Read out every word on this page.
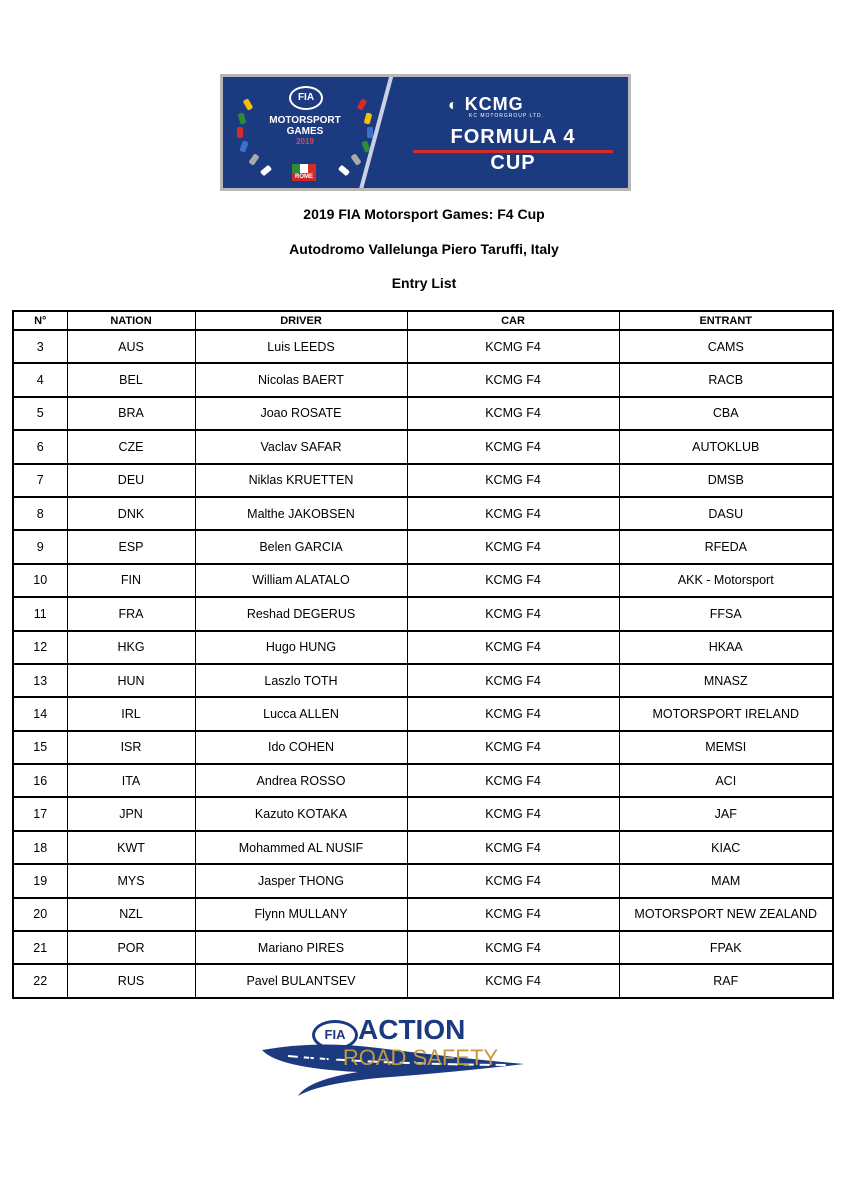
FIA
MOTORSPORT
GAMES
2019
ROME
◐ KCMG
KC MOTORGROUP LTD.
FORMULA 4
CUP
2019 FIA Motorsport Games: F4 Cup
Autodromo Vallelunga Piero Taruffi, Italy
Entry List
N°	NATION	DRIVER	CAR	ENTRANT
3	AUS	Luis LEEDS	KCMG F4	CAMS
4	BEL	Nicolas BAERT	KCMG F4	RACB
5	BRA	Joao ROSATE	KCMG F4	CBA
6	CZE	Vaclav SAFAR	KCMG F4	AUTOKLUB
7	DEU	Niklas KRUETTEN	KCMG F4	DMSB
8	DNK	Malthe JAKOBSEN	KCMG F4	DASU
9	ESP	Belen GARCIA	KCMG F4	RFEDA
10	FIN	William ALATALO	KCMG F4	AKK - Motorsport
11	FRA	Reshad DEGERUS	KCMG F4	FFSA
12	HKG	Hugo HUNG	KCMG F4	HKAA
13	HUN	Laszlo TOTH	KCMG F4	MNASZ
14	IRL	Lucca ALLEN	KCMG F4	MOTORSPORT IRELAND
15	ISR	Ido COHEN	KCMG F4	MEMSI
16	ITA	Andrea ROSSO	KCMG F4	ACI
17	JPN	Kazuto KOTAKA	KCMG F4	JAF
18	KWT	Mohammed AL NUSIF	KCMG F4	KIAC
19	MYS	Jasper THONG	KCMG F4	MAM
20	NZL	Flynn MULLANY	KCMG F4	MOTORSPORT NEW ZEALAND
21	POR	Mariano PIRES	KCMG F4	FPAK
22	RUS	Pavel BULANTSEV	KCMG F4	RAF
FIA ACTION
FOR ROAD SAFETY
